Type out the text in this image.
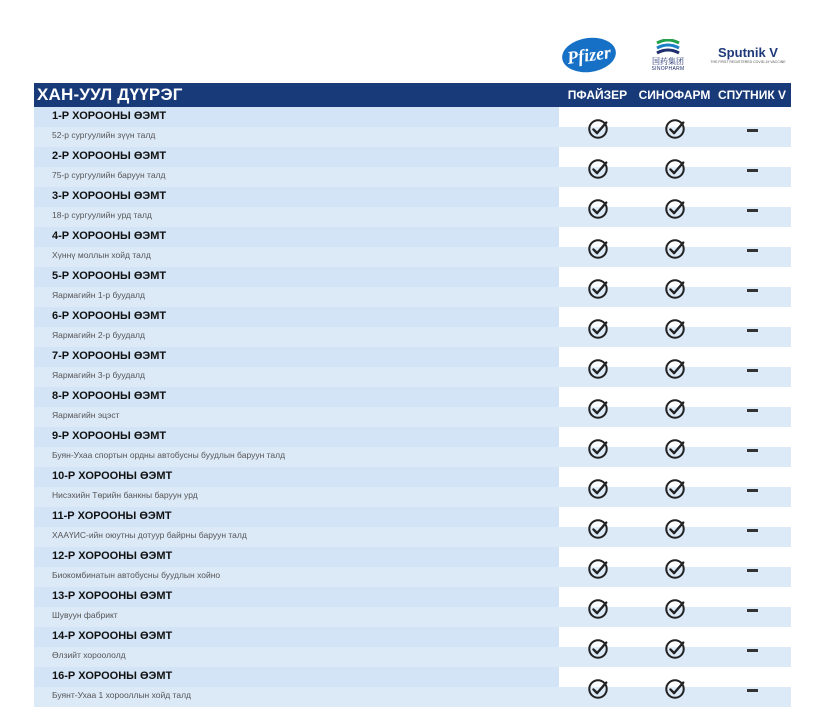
Pfizer	国药集团
SINOPHARM
Sputnik V
THE FIRST REGISTERED COVID-19 VACCINE
ХАН-УУЛ ДҮҮРЭГ	ПФАЙЗЕР СИНОФАРМ СПУТНИК V
1-Р ХОРООНЫ ӨЭМТ
52-р сургуулийн зүүн талд
2-Р ХОРООНЫ ӨЭМТ
75-р сургуулийн баруун талд
3-Р ХОРООНЫ ӨЭМТ
18-р сургуулийн урд талд
4-Р ХОРООНЫ ӨЭМТ
Хүннү моллын хойд талд
5-Р ХОРООНЫ ӨЭМТ
Яармагийн 1-р буудалд
6-Р ХОРООНЫ ӨЭМТ
Яармагийн 2-р буудалд
7-Р ХОРООНЫ ӨЭМТ
Яармагийн 3-р буудалд
8-Р ХОРООНЫ ӨЭМТ
Яармагийн эцэст
9-Р ХОРООНЫ ӨЭМТ
Буян-Ухаа спортын ордны автобусны буудлын баруун талд
10-Р ХОРООНЫ ӨЭМТ
Нисэхийн Төрийн банкны баруун урд
11-Р ХОРООНЫ ӨЭМТ
ХААҮИС-ийн оюутны дотуур байрны баруун талд
12-Р ХОРООНЫ ӨЭМТ
Биокомбинатын автобусны буудлын хойно
13-Р ХОРООНЫ ӨЭМТ
Шувуун фабрикт
14-Р ХОРООНЫ ӨЭМТ
Өлзийт хороололд
16-Р ХОРООНЫ ӨЭМТ
Буянт-Ухаа 1 хорооллын хойд талд
